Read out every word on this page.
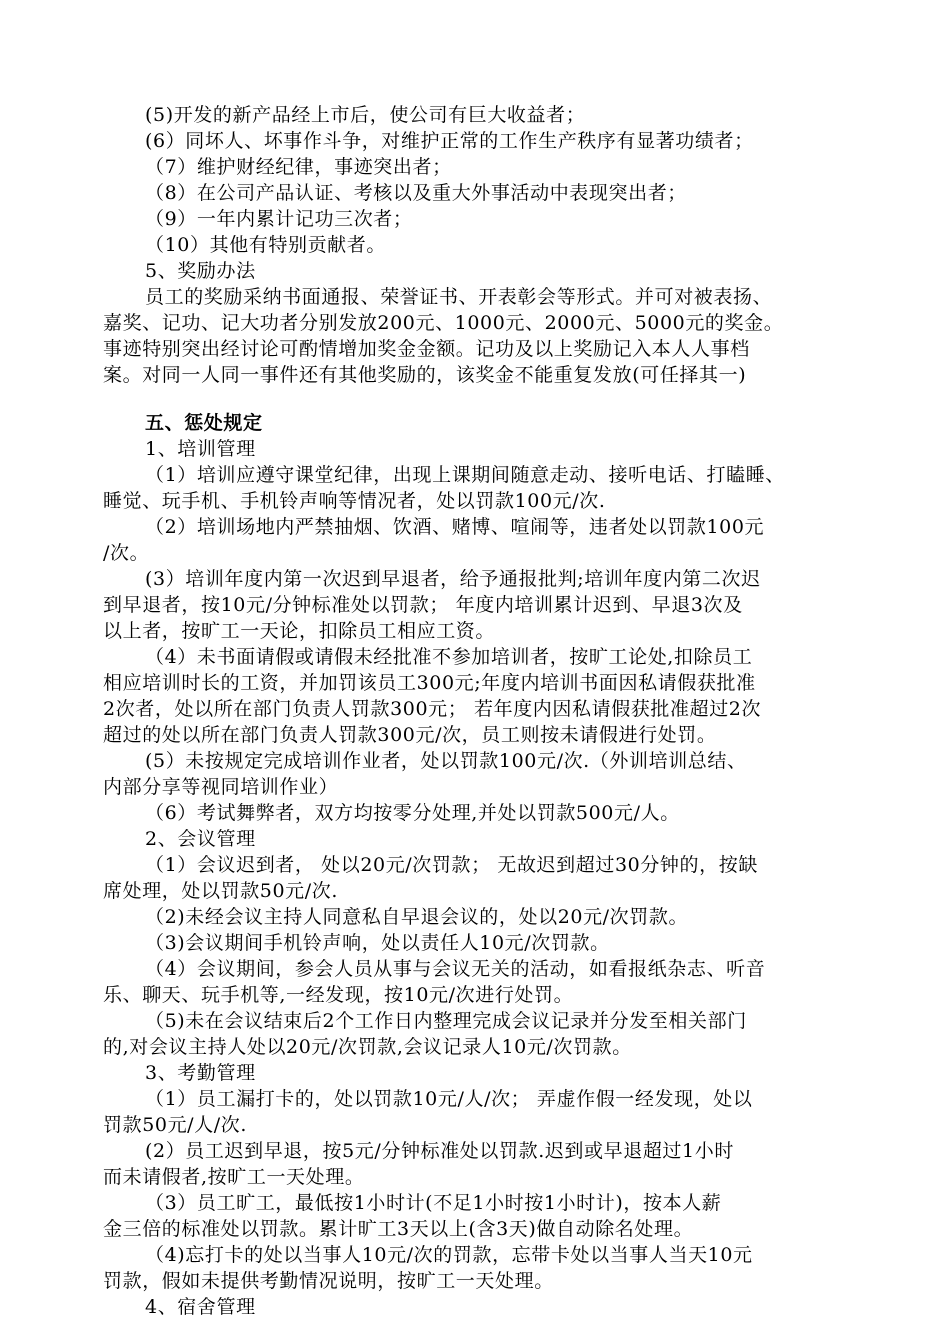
(5)开发的新产品经上市后，使公司有巨大收益者；
(6）同坏人、坏事作斗争，对维护正常的工作生产秩序有显著功绩者；
（7）维护财经纪律，事迹突出者；
（8）在公司产品认证、考核以及重大外事活动中表现突出者；
（9）一年内累计记功三次者；
（10）其他有特别贡献者。
5、奖励办法
员工的奖励采纳书面通报、荣誉证书、开表彰会等形式。并可对被表扬、
嘉奖、记功、记大功者分别发放200元、1000元、2000元、5000元的奖金。
事迹特别突出经讨论可酌情增加奖金金额。记功及以上奖励记入本人人事档
案。对同一人同一事件还有其他奖励的，该奖金不能重复发放(可任择其一)
五、惩处规定
1、培训管理
（1）培训应遵守课堂纪律，出现上课期间随意走动、接听电话、打瞌睡、
睡觉、玩手机、手机铃声响等情况者，处以罚款100元/次.
（2）培训场地内严禁抽烟、饮酒、赌博、喧闹等，违者处以罚款100元
/次。
(3）培训年度内第一次迟到早退者，给予通报批判;培训年度内第二次迟
到早退者，按10元/分钟标准处以罚款； 年度内培训累计迟到、早退3次及
以上者，按旷工一天论，扣除员工相应工资。
（4）未书面请假或请假未经批准不参加培训者，按旷工论处,扣除员工
相应培训时长的工资，并加罚该员工300元;年度内培训书面因私请假获批准
2次者，处以所在部门负责人罚款300元； 若年度内因私请假获批准超过2次
超过的处以所在部门负责人罚款300元/次，员工则按未请假进行处罚。
(5）未按规定完成培训作业者，处以罚款100元/次.（外训培训总结、
内部分享等视同培训作业）
（6）考试舞弊者，双方均按零分处理,并处以罚款500元/人。
2、会议管理
（1）会议迟到者， 处以20元/次罚款； 无故迟到超过30分钟的，按缺
席处理，处以罚款50元/次.
（2)未经会议主持人同意私自早退会议的，处以20元/次罚款。
（3)会议期间手机铃声响，处以责任人10元/次罚款。
（4）会议期间，参会人员从事与会议无关的活动，如看报纸杂志、听音
乐、聊天、玩手机等,一经发现，按10元/次进行处罚。
（5)未在会议结束后2个工作日内整理完成会议记录并分发至相关部门
的,对会议主持人处以20元/次罚款,会议记录人10元/次罚款。
3、考勤管理
（1）员工漏打卡的，处以罚款10元/人/次； 弄虚作假一经发现，处以
罚款50元/人/次.
(2）员工迟到早退，按5元/分钟标准处以罚款.迟到或早退超过1小时
而未请假者,按旷工一天处理。
（3）员工旷工，最低按1小时计(不足1小时按1小时计)，按本人薪
金三倍的标准处以罚款。累计旷工3天以上(含3天)做自动除名处理。
（4)忘打卡的处以当事人10元/次的罚款，忘带卡处以当事人当天10元
罚款，假如未提供考勤情况说明，按旷工一天处理。
4、宿舍管理
